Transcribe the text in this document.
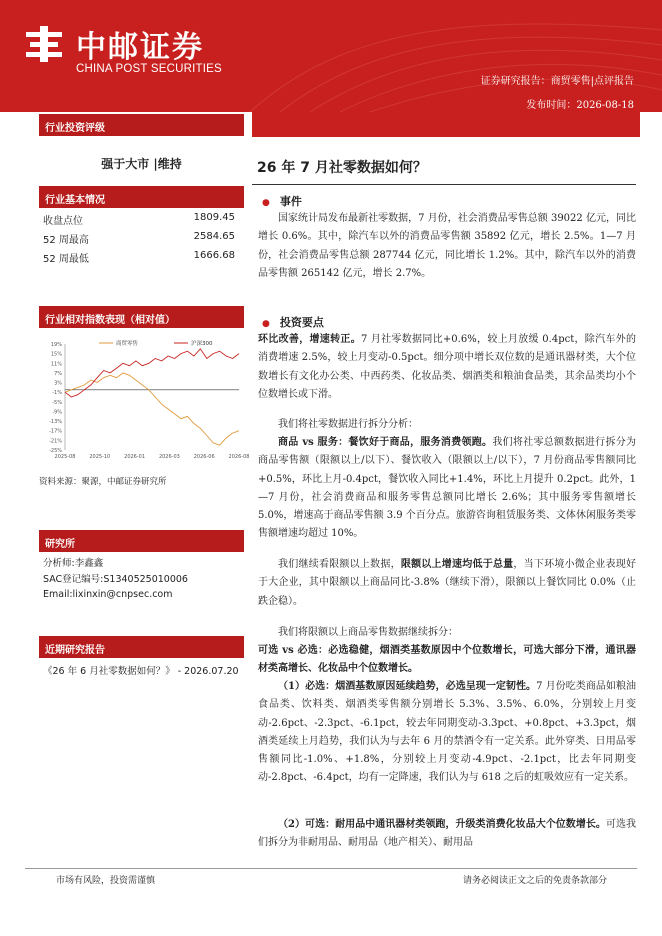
中邮证券
CHINA POST SECURITIES
证券研究报告：商贸零售|点评报告
发布时间：2026-08-18
行业投资评级
强于大市 |维持
行业基本情况
收盘点位	1809.45
52 周最高	2584.65
52 周最低	1666.68
行业相对指数表现（相对值）
19%
15%
11%
7%
3%
-1%
-5%
-9%
-13%
-17%
-21%
-25%
2025-08	2025-10	2026-01	2026-03	2026-06	2026-08
商贸零售	沪深300
资料来源：聚源，中邮证券研究所
研究所
分析师:李鑫鑫
SAC登记编号:S1340525010006
Email:lixinxin@cnpsec.com
近期研究报告
《26 年 6 月社零数据如何？》 - 2026.07.20
26 年 7 月社零数据如何？
● 事件
国家统计局发布最新社零数据，7 月份，社会消费品零售总额 39022 亿元，同比增长 0.6%。其中，除汽车以外的消费品零售额 35892 亿元，增长 2.5%。1—7 月份，社会消费品零售总额 287744 亿元，同比增长 1.2%。其中，除汽车以外的消费品零售额 265142 亿元，增长 2.7%。
● 投资要点
环比改善，增速转正。7 月社零数据同比+0.6%，较上月放缓 0.4pct，除汽车外的消费增速 2.5%，较上月变动-0.5pct。细分项中增长双位数的是通讯器材类，大个位数增长有文化办公类、中西药类、化妆品类、烟酒类和粮油食品类，其余品类均小个位数增长或下滑。
我们将社零数据进行拆分分析：
商品 vs 服务：餐饮好于商品，服务消费领跑。我们将社零总额数据进行拆分为商品零售额（限额以上/以下）、餐饮收入（限额以上/以下），7 月份商品零售额同比+0.5%，环比上月-0.4pct，餐饮收入同比+1.4%，环比上月提升 0.2pct。此外，1—7 月份，社会消费商品和服务零售总额同比增长 2.6%；其中服务零售额增长 5.0%，增速高于商品零售额 3.9 个百分点。旅游咨询租赁服务类、文体休闲服务类零售额增速均超过 10%。
我们继续看限额以上数据，限额以上增速均低于总量，当下环境小微企业表现好于大企业，其中限额以上商品同比-3.8%（继续下滑），限额以上餐饮同比 0.0%（止跌企稳）。
我们将限额以上商品零售数据继续拆分：
可选 vs 必选：必选稳健，烟酒类基数原因中个位数增长，可选大部分下滑，通讯器材类高增长、化妆品中个位数增长。
（1）必选：烟酒基数原因延续趋势，必选呈现一定韧性。7 月份吃类商品如粮油食品类、饮料类、烟酒类零售额分别增长 5.3%、3.5%、6.0%，分别较上月变动-2.6pct、-2.3pct、-6.1pct，较去年同期变动-3.3pct、+0.8pct、+3.3pct，烟酒类延续上月趋势，我们认为与去年 6 月的禁酒令有一定关系。此外穿类、日用品零售额同比-1.0%、+1.8%，分别较上月变动-4.9pct、-2.1pct，比去年同期变动-2.8pct、-6.4pct，均有一定降速，我们认为与 618 之后的虹吸效应有一定关系。
（2）可选：耐用品中通讯器材类领跑，升级类消费化妆品大个位数增长。可选我们拆分为非耐用品、耐用品（地产相关）、耐用品
市场有风险，投资需谨慎	请务必阅读正文之后的免责条款部分
